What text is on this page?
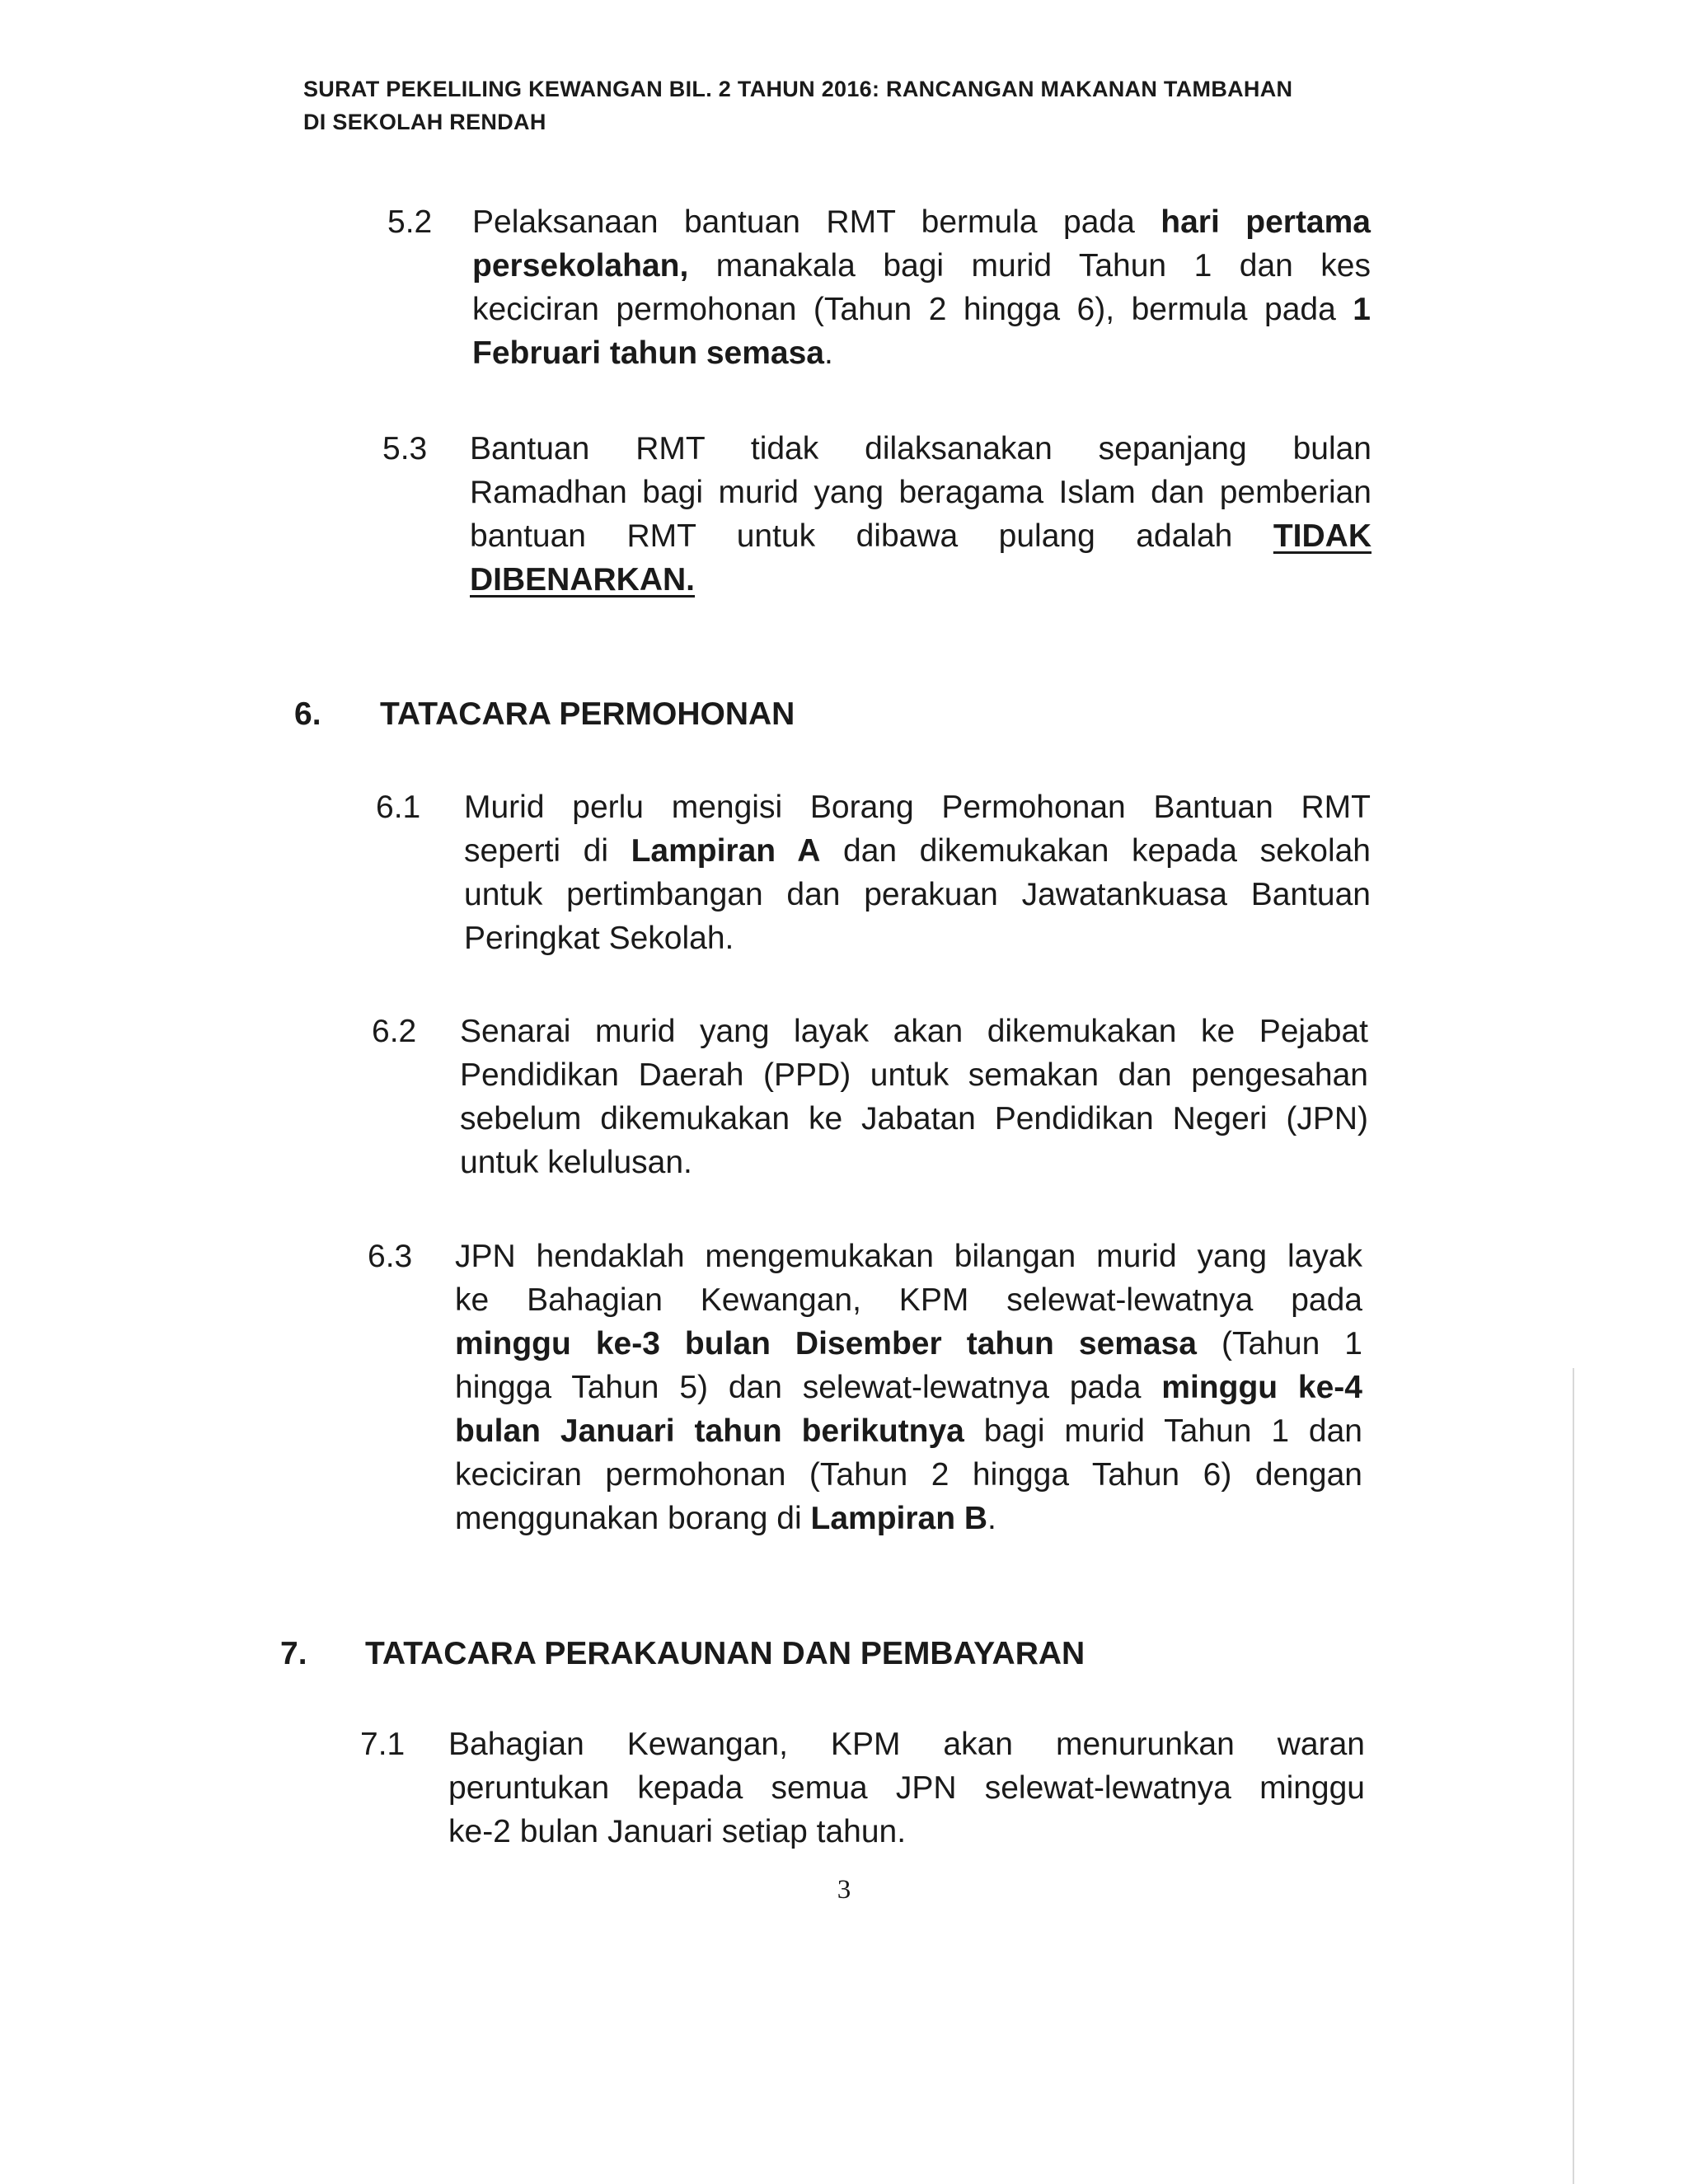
SURAT PEKELILING KEWANGAN BIL. 2 TAHUN 2016: RANCANGAN MAKANAN TAMBAHAN
DI SEKOLAH RENDAH
5.2 Pelaksanaan bantuan RMT bermula pada hari pertama
persekolahan, manakala bagi murid Tahun 1 dan kes
keciciran permohonan (Tahun 2 hingga 6), bermula pada 1
Februari tahun semasa.
5.3 Bantuan RMT tidak dilaksanakan sepanjang bulan
Ramadhan bagi murid yang beragama Islam dan pemberian
bantuan RMT untuk dibawa pulang adalah TIDAK
DIBENARKAN.
6. TATACARA PERMOHONAN
6.1 Murid perlu mengisi Borang Permohonan Bantuan RMT
seperti di Lampiran A dan dikemukakan kepada sekolah
untuk pertimbangan dan perakuan Jawatankuasa Bantuan
Peringkat Sekolah.
6.2 Senarai murid yang layak akan dikemukakan ke Pejabat
Pendidikan Daerah (PPD) untuk semakan dan pengesahan
sebelum dikemukakan ke Jabatan Pendidikan Negeri (JPN)
untuk kelulusan.
6.3 JPN hendaklah mengemukakan bilangan murid yang layak
ke Bahagian Kewangan, KPM selewat-lewatnya pada
minggu ke-3 bulan Disember tahun semasa (Tahun 1
hingga Tahun 5) dan selewat-lewatnya pada minggu ke-4
bulan Januari tahun berikutnya bagi murid Tahun 1 dan
keciciran permohonan (Tahun 2 hingga Tahun 6) dengan
menggunakan borang di Lampiran B.
7. TATACARA PERAKAUNAN DAN PEMBAYARAN
7.1 Bahagian Kewangan, KPM akan menurunkan waran
peruntukan kepada semua JPN selewat-lewatnya minggu
ke-2 bulan Januari setiap tahun.
3
